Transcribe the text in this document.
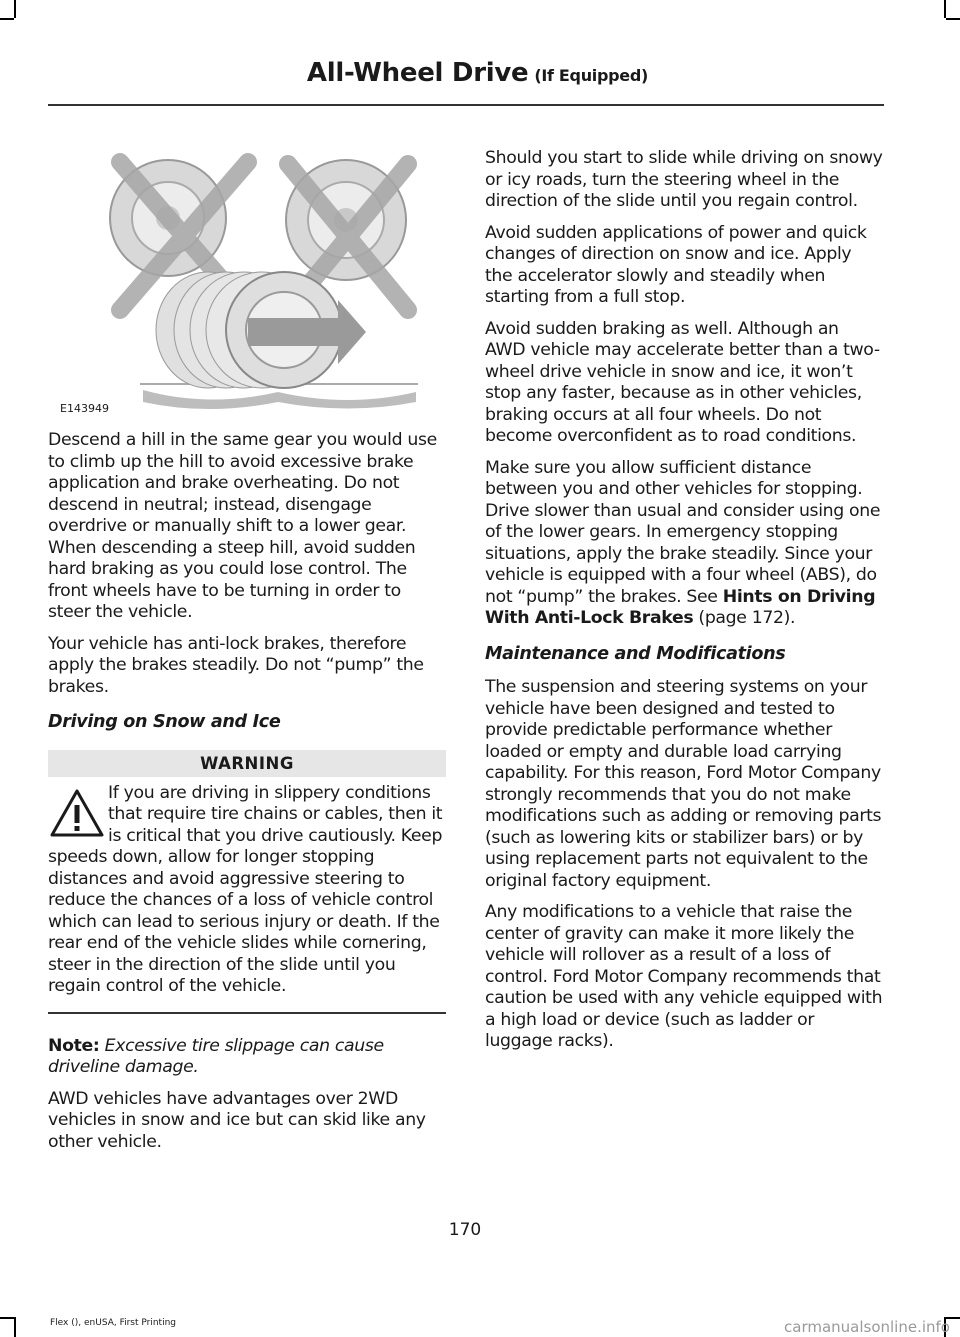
All-Wheel Drive (If Equipped)
E143949

Descend a hill in the same gear you would use to climb up the hill to avoid excessive brake application and brake overheating. Do not descend in neutral; instead, disengage overdrive or manually shift to a lower gear. When descending a steep hill, avoid sudden hard braking as you could lose control. The front wheels have to be turning in order to steer the vehicle.

Your vehicle has anti-lock brakes, therefore apply the brakes steadily. Do not “pump” the brakes.

Driving on Snow and Ice

WARNING
If you are driving in slippery conditions that require tire chains or cables, then it is critical that you drive cautiously. Keep speeds down, allow for longer stopping distances and avoid aggressive steering to reduce the chances of a loss of vehicle control which can lead to serious injury or death. If the rear end of the vehicle slides while cornering, steer in the direction of the slide until you regain control of the vehicle.

Note: Excessive tire slippage can cause driveline damage.

AWD vehicles have advantages over 2WD vehicles in snow and ice but can skid like any other vehicle.

Should you start to slide while driving on snowy or icy roads, turn the steering wheel in the direction of the slide until you regain control.

Avoid sudden applications of power and quick changes of direction on snow and ice. Apply the accelerator slowly and steadily when starting from a full stop.

Avoid sudden braking as well. Although an AWD vehicle may accelerate better than a two-wheel drive vehicle in snow and ice, it won’t stop any faster, because as in other vehicles, braking occurs at all four wheels. Do not become overconfident as to road conditions.

Make sure you allow sufficient distance between you and other vehicles for stopping. Drive slower than usual and consider using one of the lower gears. In emergency stopping situations, apply the brake steadily. Since your vehicle is equipped with a four wheel (ABS), do not “pump” the brakes. See Hints on Driving With Anti-Lock Brakes (page 172).

Maintenance and Modifications

The suspension and steering systems on your vehicle have been designed and tested to provide predictable performance whether loaded or empty and durable load carrying capability. For this reason, Ford Motor Company strongly recommends that you do not make modifications such as adding or removing parts (such as lowering kits or stabilizer bars) or by using replacement parts not equivalent to the original factory equipment.

Any modifications to a vehicle that raise the center of gravity can make it more likely the vehicle will rollover as a result of a loss of control. Ford Motor Company recommends that caution be used with any vehicle equipped with a high load or device (such as ladder or luggage racks).

170
Flex (), enUSA, First Printing	carmanualsonline.info
